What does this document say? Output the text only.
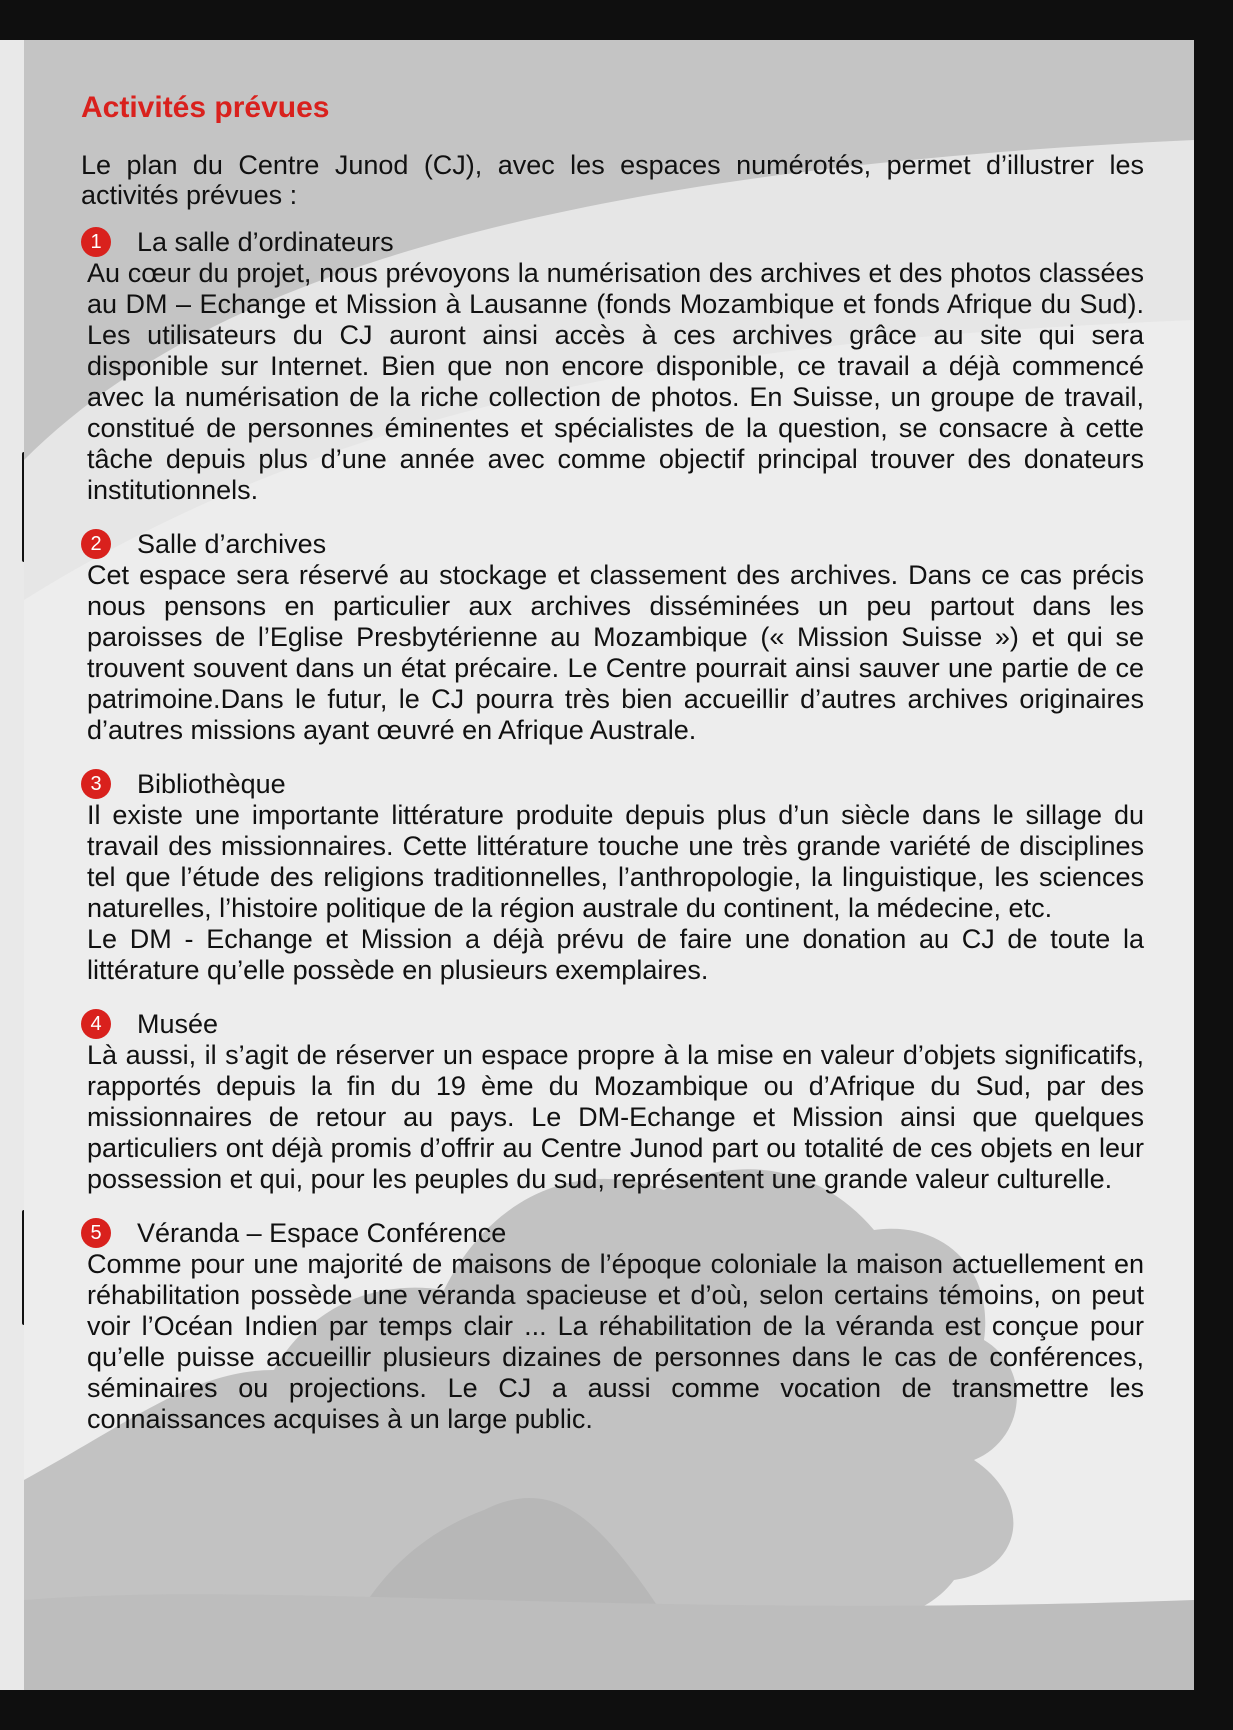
Activités prévues

Le plan du Centre Junod (CJ), avec les espaces numérotés, permet d’illustrer les activités prévues :

1	La salle d’ordinateurs

Au cœur du projet, nous prévoyons la numérisation des archives et des photos classées au DM – Echange et Mission à Lausanne (fonds Mozambique et fonds Afrique du Sud). Les utilisateurs du CJ auront ainsi accès à ces archives grâce au site qui sera disponible sur Internet. Bien que non encore disponible, ce travail a déjà commencé avec la numérisation de la riche collection de photos. En Suisse, un groupe de travail, constitué de personnes éminentes et spécialistes de la question, se consacre à cette tâche depuis plus d’une année avec comme objectif principal trouver des donateurs institutionnels.

2	Salle d’archives

Cet espace sera réservé au stockage et classement des archives. Dans ce cas précis nous pensons en particulier aux archives disséminées un peu partout dans les paroisses de l’Eglise Presbytérienne au Mozambique (« Mission Suisse ») et qui se trouvent souvent dans un état précaire. Le Centre pourrait ainsi sauver une partie de ce patrimoine.Dans le futur, le CJ pourra très bien accueillir d’autres archives originaires d’autres missions ayant œuvré en Afrique Australe.

3	Bibliothèque

Il existe une importante littérature produite depuis plus d’un siècle dans le sillage du travail des missionnaires. Cette littérature touche une très grande variété de disciplines tel que l’étude des religions traditionnelles, l’anthropologie, la linguistique, les sciences naturelles, l’histoire politique de la région australe du continent, la médecine, etc.

Le DM - Echange et Mission a déjà prévu de faire une donation au CJ de toute la littérature qu’elle possède en plusieurs exemplaires.

4	Musée

Là aussi, il s’agit de réserver un espace propre à la mise en valeur d’objets significatifs, rapportés depuis la fin du 19 ème du Mozambique ou d’Afrique du Sud, par des missionnaires de retour au pays. Le DM-Echange et Mission ainsi que quelques particuliers ont déjà promis d’offrir au Centre Junod part ou totalité de ces objets en leur possession et qui, pour les peuples du sud, représentent une grande valeur culturelle.

5	Véranda – Espace Conférence

Comme pour une majorité de maisons de l’époque coloniale la maison actuellement en réhabilitation possède une véranda spacieuse et d’où, selon certains témoins, on peut voir l’Océan Indien par temps clair ... La réhabilitation de la véranda est conçue pour qu’elle puisse accueillir plusieurs dizaines de personnes dans le cas de conférences, séminaires ou projections. Le CJ a aussi comme vocation de transmettre les connaissances acquises à un large public.
